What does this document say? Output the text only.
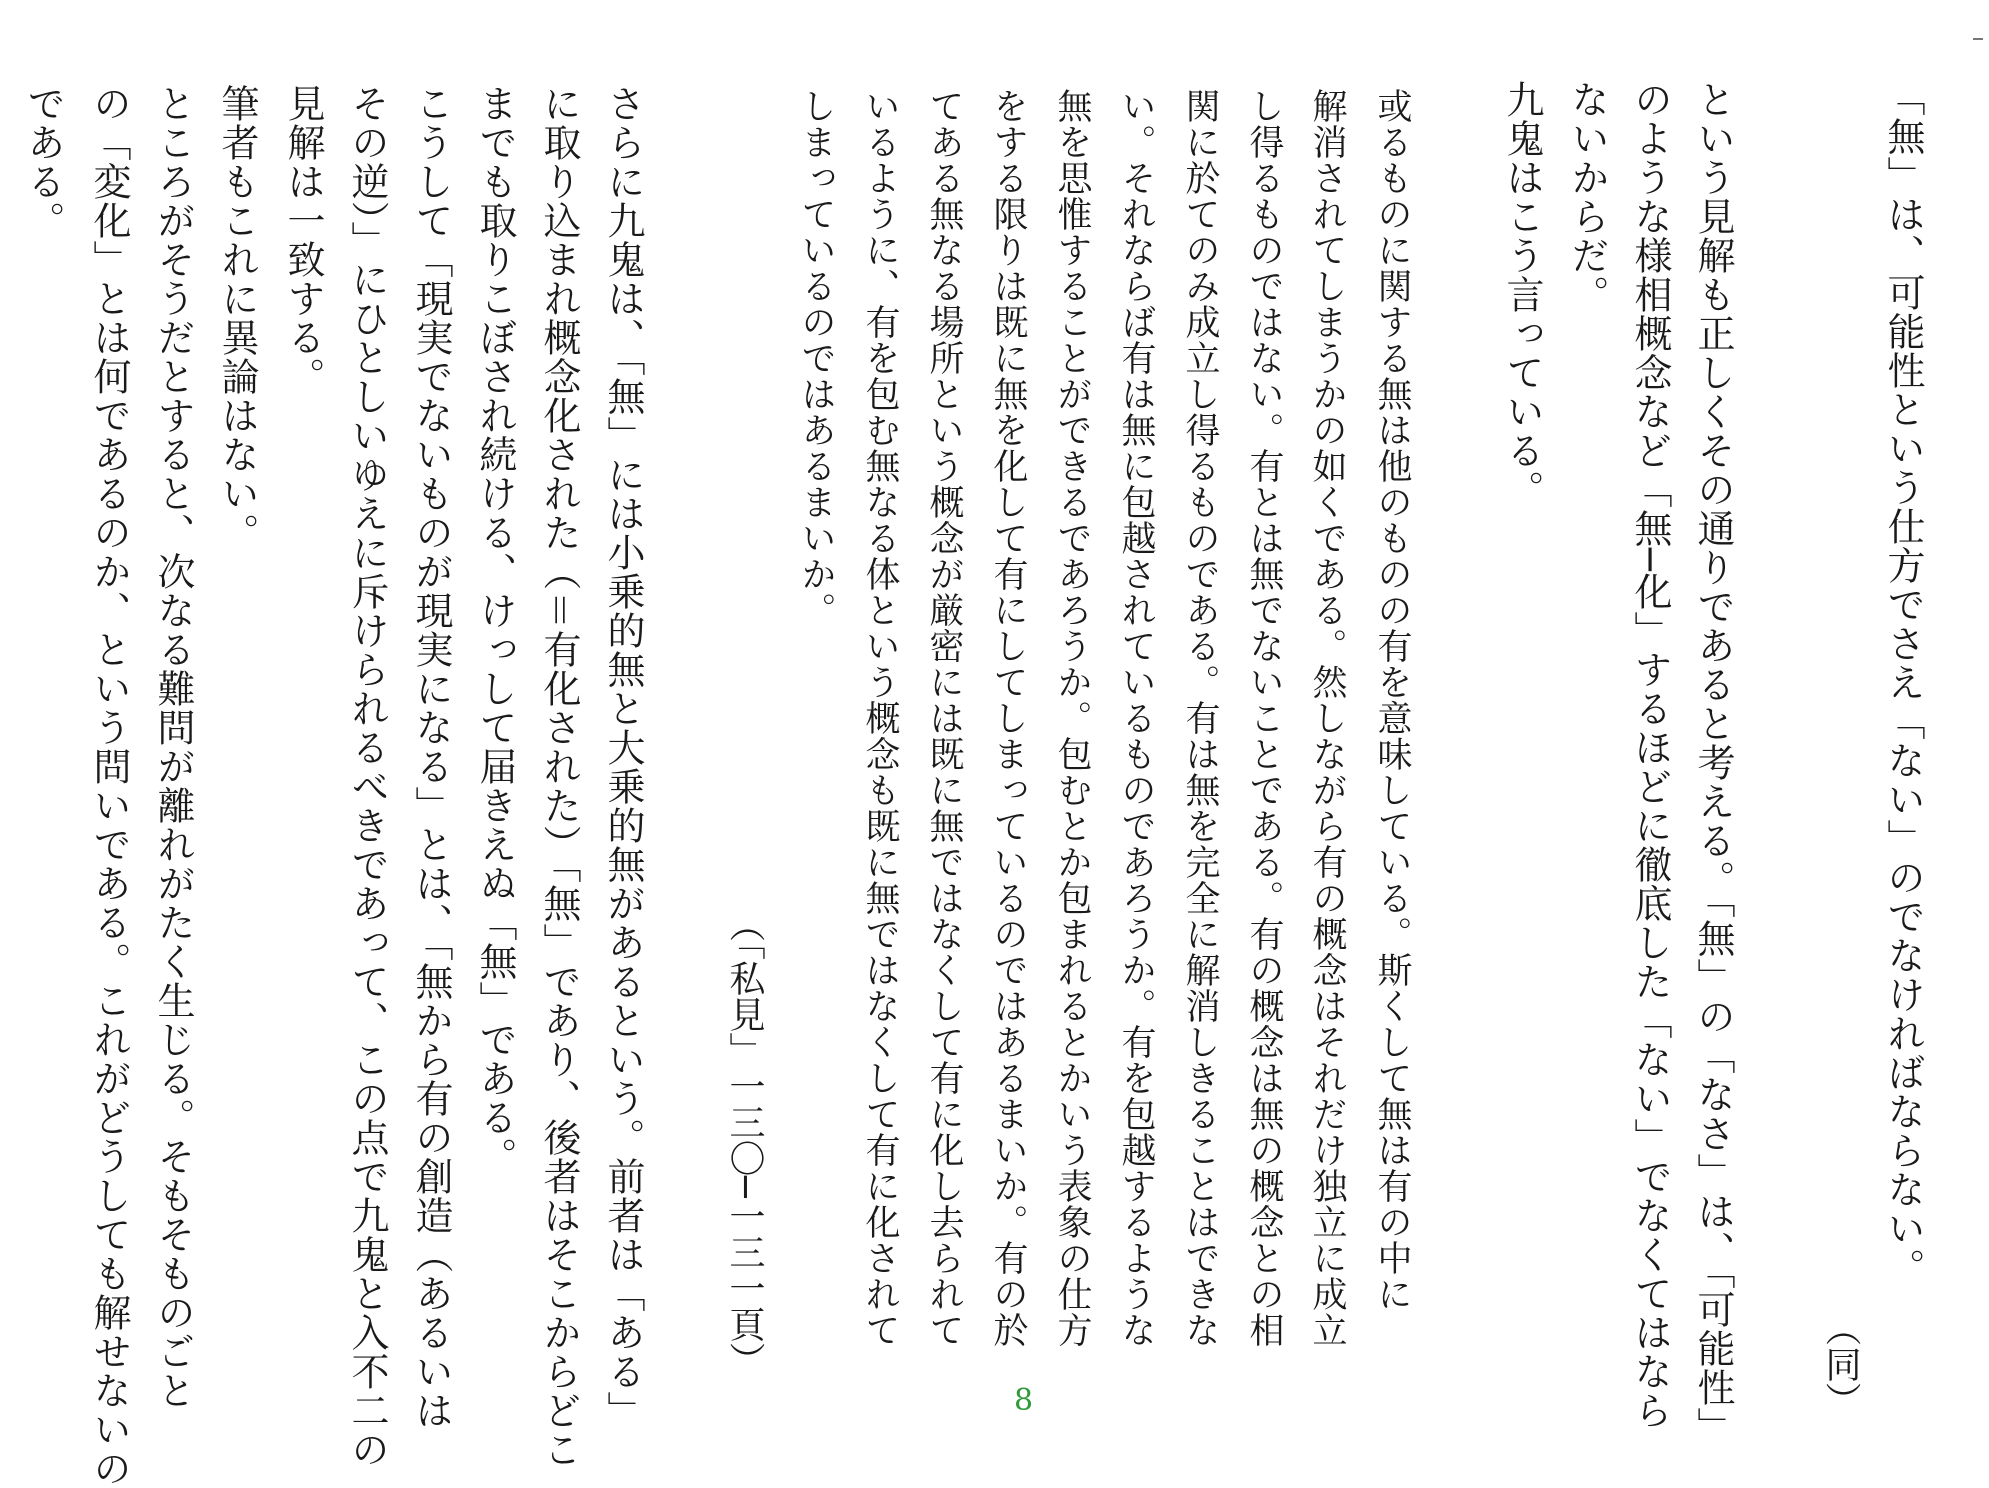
「無」は、可能性という仕方でさえ「ない」のでなければならない。
（同）
という見解も正しくその通りであると考える。「無」の「なさ」は、「可能性」
のような様相概念など「無─化」するほどに徹底した「ない」でなくてはなら
ないからだ。
九鬼はこう言っている。
或るものに関する無は他のものの有を意味している。斯くして無は有の中に
解消されてしまうかの如くである。然しながら有の概念はそれだけ独立に成立
し得るものではない。有とは無でないことである。有の概念は無の概念との相
関に於てのみ成立し得るものである。有は無を完全に解消しきることはできな
い。それならば有は無に包越されているものであろうか。有を包越するような
無を思惟することができるであろうか。包むとか包まれるとかいう表象の仕方
をする限りは既に無を化して有にしてしまっているのではあるまいか。有の於
てある無なる場所という概念が厳密には既に無ではなくして有に化し去られて
いるように、有を包む無なる体という概念も既に無ではなくして有に化されて
しまっているのではあるまいか。
（「私見」一三〇─一三一頁）
さらに九鬼は、「無」には小乗的無と大乗的無があるという。前者は「ある」
に取り込まれ概念化された（＝有化された）「無」であり、後者はそこからどこ
までも取りこぼされ続ける、けっして届きえぬ「無」である。
こうして「現実でないものが現実になる」とは、「無から有の創造（あるいは
その逆）」にひとしいゆえに斥けられるべきであって、この点で九鬼と入不二の
見解は一致する。
筆者もこれに異論はない。
ところがそうだとすると、次なる難問が離れがたく生じる。そもそものごと
の「変化」とは何であるのか、という問いである。これがどうしても解せないの
である。
8
